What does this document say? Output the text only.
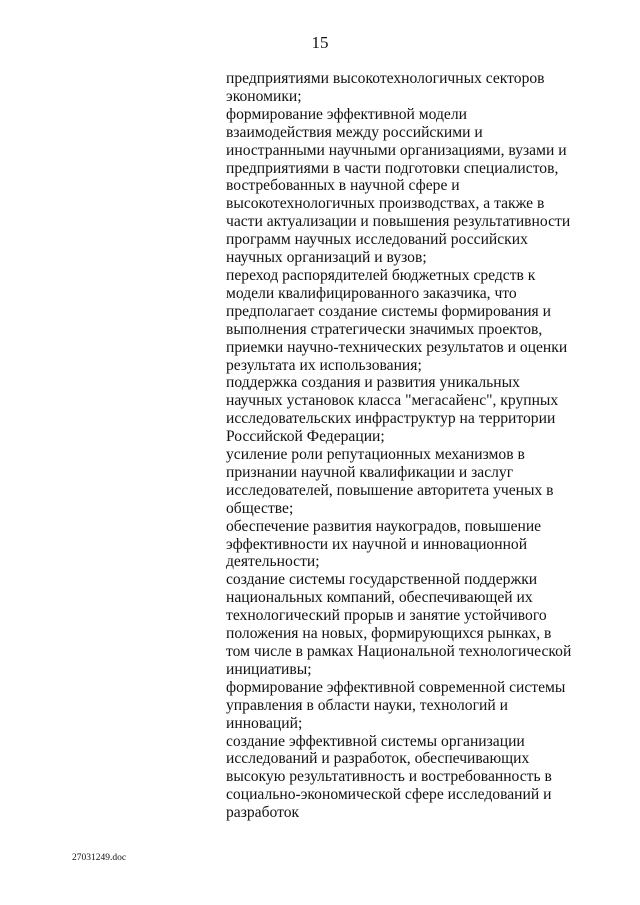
15
предприятиями высокотехнологичных секторов
экономики;
формирование эффективной модели
взаимодействия между российскими и
иностранными научными организациями, вузами и
предприятиями в части подготовки специалистов,
востребованных в научной сфере и
высокотехнологичных производствах, а также в
части актуализации и повышения результативности
программ научных исследований российских
научных организаций и вузов;
переход распорядителей бюджетных средств к
модели квалифицированного заказчика, что
предполагает создание системы формирования и
выполнения стратегически значимых проектов,
приемки научно-технических результатов и оценки
результата их использования;
поддержка создания и развития уникальных
научных установок класса "мегасайенс", крупных
исследовательских инфраструктур на территории
Российской Федерации;
усиление роли репутационных механизмов в
признании научной квалификации и заслуг
исследователей, повышение авторитета ученых в
обществе;
обеспечение развития наукоградов, повышение
эффективности их научной и инновационной
деятельности;
создание системы государственной поддержки
национальных компаний, обеспечивающей их
технологический прорыв и занятие устойчивого
положения на новых, формирующихся рынках, в
том числе в рамках Национальной технологической
инициативы;
формирование эффективной современной системы
управления в области науки, технологий и
инноваций;
создание эффективной системы организации
исследований и разработок, обеспечивающих
высокую результативность и востребованность в
социально-экономической сфере исследований и
разработок
27031249.doc
